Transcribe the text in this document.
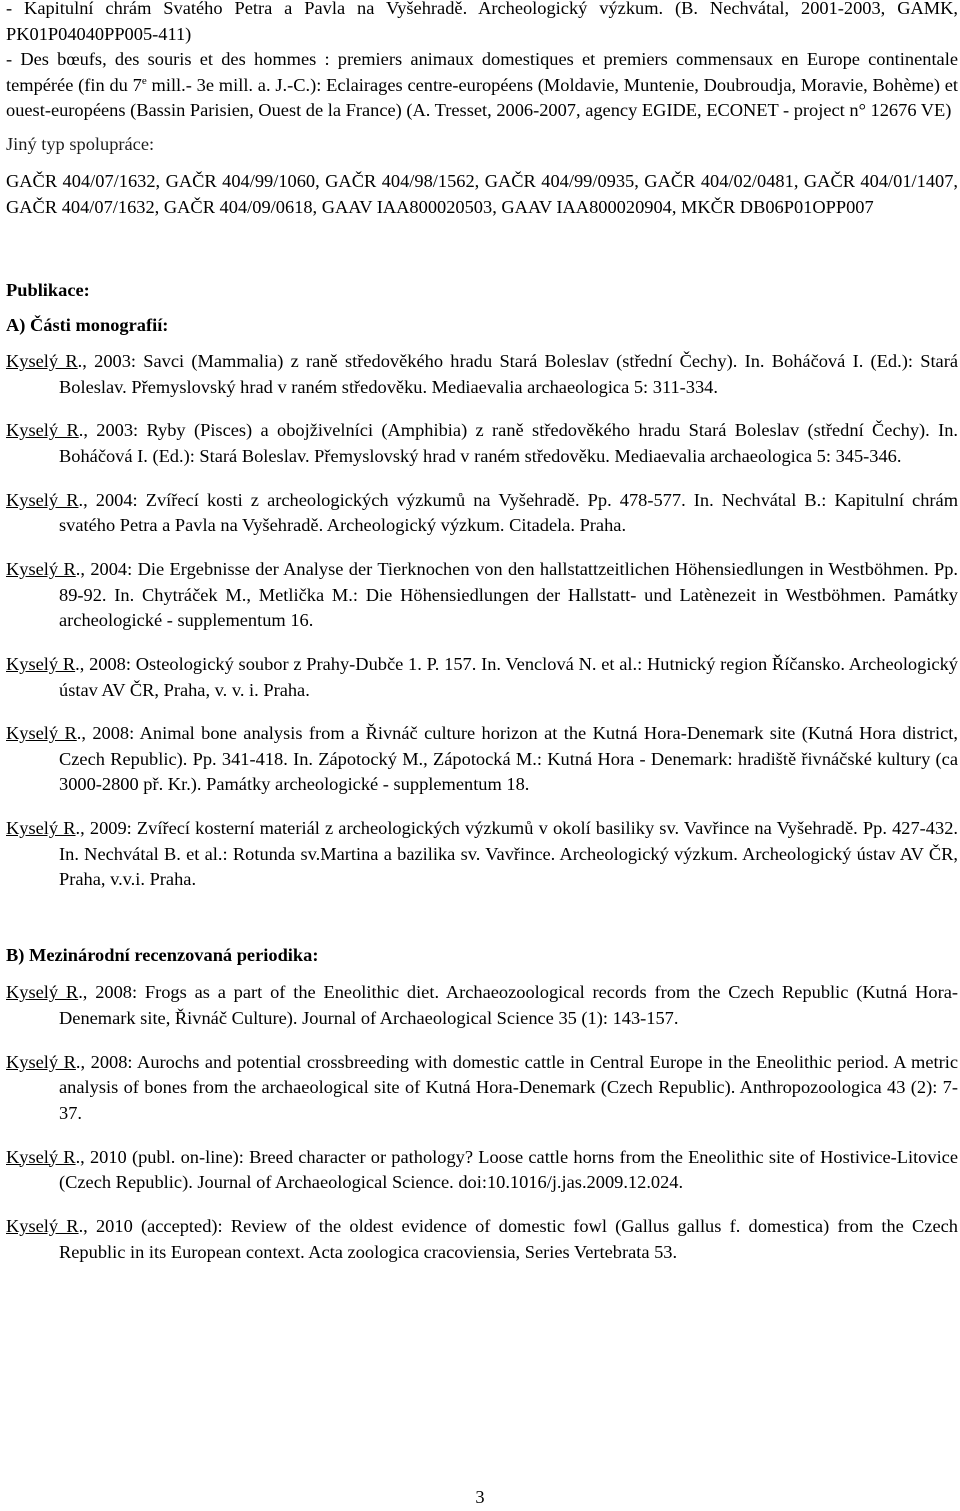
- Kapitulní chrám Svatého Petra a Pavla na Vyšehradě. Archeologický výzkum. (B. Nechvátal, 2001-2003, GAMK, PK01P04040PP005-411)

- Des bœufs, des souris et des hommes : premiers animaux domestiques et premiers commensaux en Europe continentale tempérée (fin du 7e mill.- 3e mill. a. J.-C.): Eclairages centre-européens (Moldavie, Muntenie, Doubroudja, Moravie, Bohème) et ouest-européens (Bassin Parisien, Ouest de la France) (A. Tresset, 2006-2007, agency EGIDE, ECONET - project n° 12676 VE)

Jiný typ spolupráce:
GAČR 404/07/1632, GAČR 404/99/1060, GAČR 404/98/1562, GAČR 404/99/0935, GAČR 404/02/0481, GAČR 404/01/1407, GAČR 404/07/1632, GAČR 404/09/0618, GAAV IAA800020503, GAAV IAA800020904, MKČR DB06P01OPP007
Publikace:
A) Části monografií:

Kyselý R., 2003: Savci (Mammalia) z raně středověkého hradu Stará Boleslav (střední Čechy). In. Boháčová I. (Ed.): Stará Boleslav. Přemyslovský hrad v raném středověku. Mediaevalia archaeologica 5: 311-334.

Kyselý R., 2003: Ryby (Pisces) a obojživelníci (Amphibia) z raně středověkého hradu Stará Boleslav (střední Čechy). In. Boháčová I. (Ed.): Stará Boleslav. Přemyslovský hrad v raném středověku. Mediaevalia archaeologica 5: 345-346.

Kyselý R., 2004: Zvířecí kosti z archeologických výzkumů na Vyšehradě. Pp. 478-577. In. Nechvátal B.: Kapitulní chrám svatého Petra a Pavla na Vyšehradě. Archeologický výzkum. Citadela. Praha.

Kyselý R., 2004: Die Ergebnisse der Analyse der Tierknochen von den hallstattzeitlichen Höhensiedlungen in Westböhmen. Pp. 89-92. In. Chytráček M., Metlička M.: Die Höhensiedlungen der Hallstatt- und Latènezeit in Westböhmen. Památky archeologické - supplementum 16.

Kyselý R., 2008: Osteologický soubor z Prahy-Dubče 1. P. 157. In. Venclová N. et al.: Hutnický region Říčansko. Archeologický ústav AV ČR, Praha, v. v. i. Praha.

Kyselý R., 2008: Animal bone analysis from a Řivnáč culture horizon at the Kutná Hora-Denemark site (Kutná Hora district, Czech Republic). Pp. 341-418. In. Zápotocký M., Zápotocká M.: Kutná Hora - Denemark: hradiště řivnáčské kultury (ca 3000-2800 př. Kr.). Památky archeologické - supplementum 18.

Kyselý R., 2009: Zvířecí kosterní materiál z archeologických výzkumů v okolí basiliky sv. Vavřince na Vyšehradě. Pp. 427-432. In. Nechvátal B. et al.: Rotunda sv.Martina a bazilika sv. Vavřince. Archeologický výzkum. Archeologický ústav AV ČR, Praha, v.v.i. Praha.

B) Mezinárodní recenzovaná periodika:

Kyselý R., 2008: Frogs as a part of the Eneolithic diet. Archaeozoological records from the Czech Republic (Kutná Hora-Denemark site, Řivnáč Culture). Journal of Archaeological Science 35 (1): 143-157.

Kyselý R., 2008: Aurochs and potential crossbreeding with domestic cattle in Central Europe in the Eneolithic period. A metric analysis of bones from the archaeological site of Kutná Hora-Denemark (Czech Republic). Anthropozoologica 43 (2): 7-37.

Kyselý R., 2010 (publ. on-line): Breed character or pathology? Loose cattle horns from the Eneolithic site of Hostivice-Litovice (Czech Republic). Journal of Archaeological Science. doi:10.1016/j.jas.2009.12.024.

Kyselý R., 2010 (accepted): Review of the oldest evidence of domestic fowl (Gallus gallus f. domestica) from the Czech Republic in its European context. Acta zoologica cracoviensia, Series Vertebrata 53.

3
